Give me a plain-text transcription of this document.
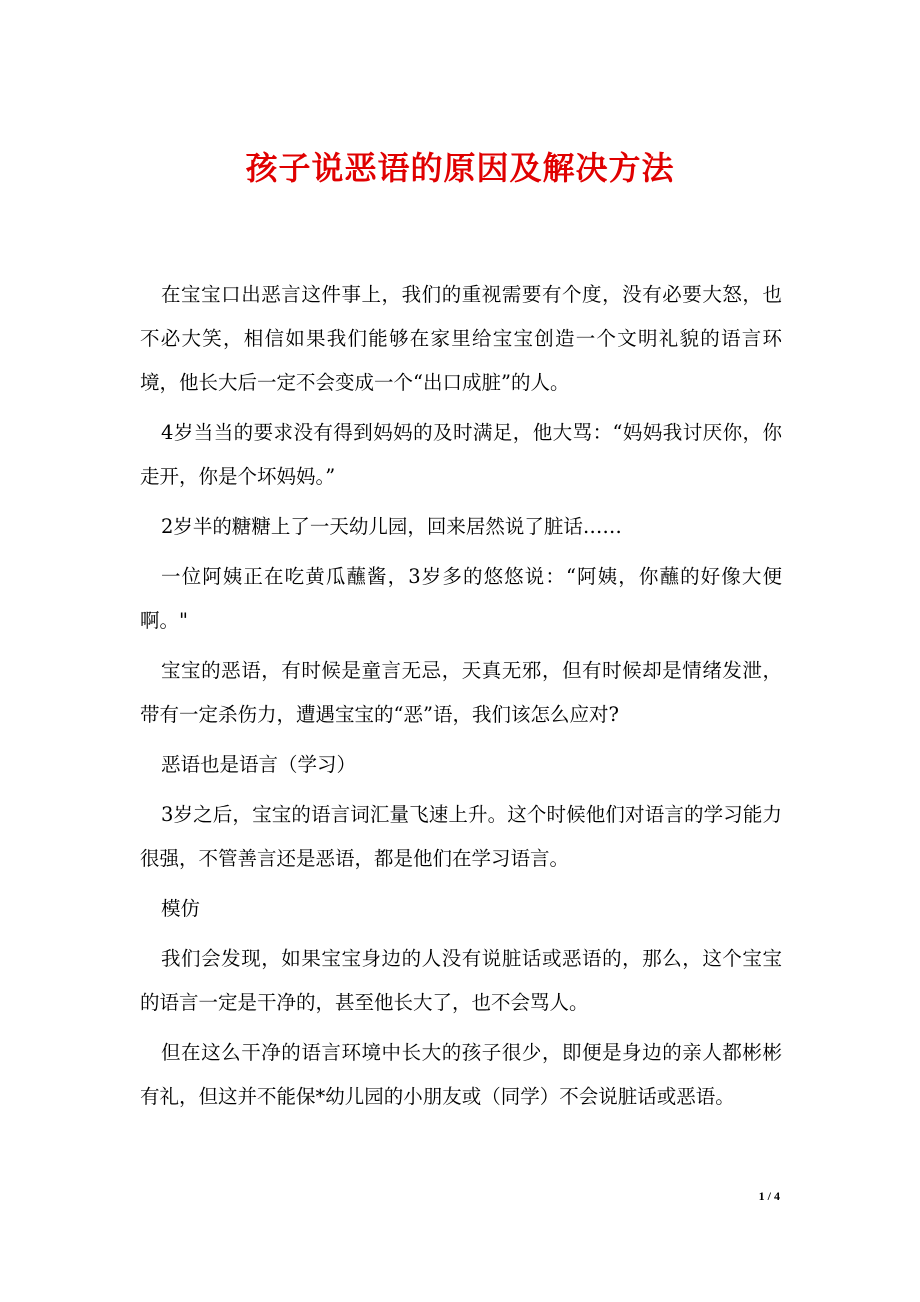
孩子说恶语的原因及解决方法

在宝宝口出恶言这件事上，我们的重视需要有个度，没有必要大怒，也不必大笑，相信如果我们能够在家里给宝宝创造一个文明礼貌的语言环境，他长大后一定不会变成一个“出口成脏”的人。

4岁当当的要求没有得到妈妈的及时满足，他大骂：“妈妈我讨厌你，你走开，你是个坏妈妈。”

2岁半的糖糖上了一天幼儿园，回来居然说了脏话……

一位阿姨正在吃黄瓜蘸酱，3岁多的悠悠说：“阿姨，你蘸的好像大便啊。"

宝宝的恶语，有时候是童言无忌，天真无邪，但有时候却是情绪发泄，带有一定杀伤力，遭遇宝宝的“恶”语，我们该怎么应对?

恶语也是语言（学习）

3岁之后，宝宝的语言词汇量飞速上升。这个时候他们对语言的学习能力很强，不管善言还是恶语，都是他们在学习语言。

模仿

我们会发现，如果宝宝身边的人没有说脏话或恶语的，那么，这个宝宝的语言一定是干净的，甚至他长大了，也不会骂人。

但在这么干净的语言环境中长大的孩子很少，即便是身边的亲人都彬彬有礼，但这并不能保*幼儿园的小朋友或（同学）不会说脏话或恶语。

1 / 4
